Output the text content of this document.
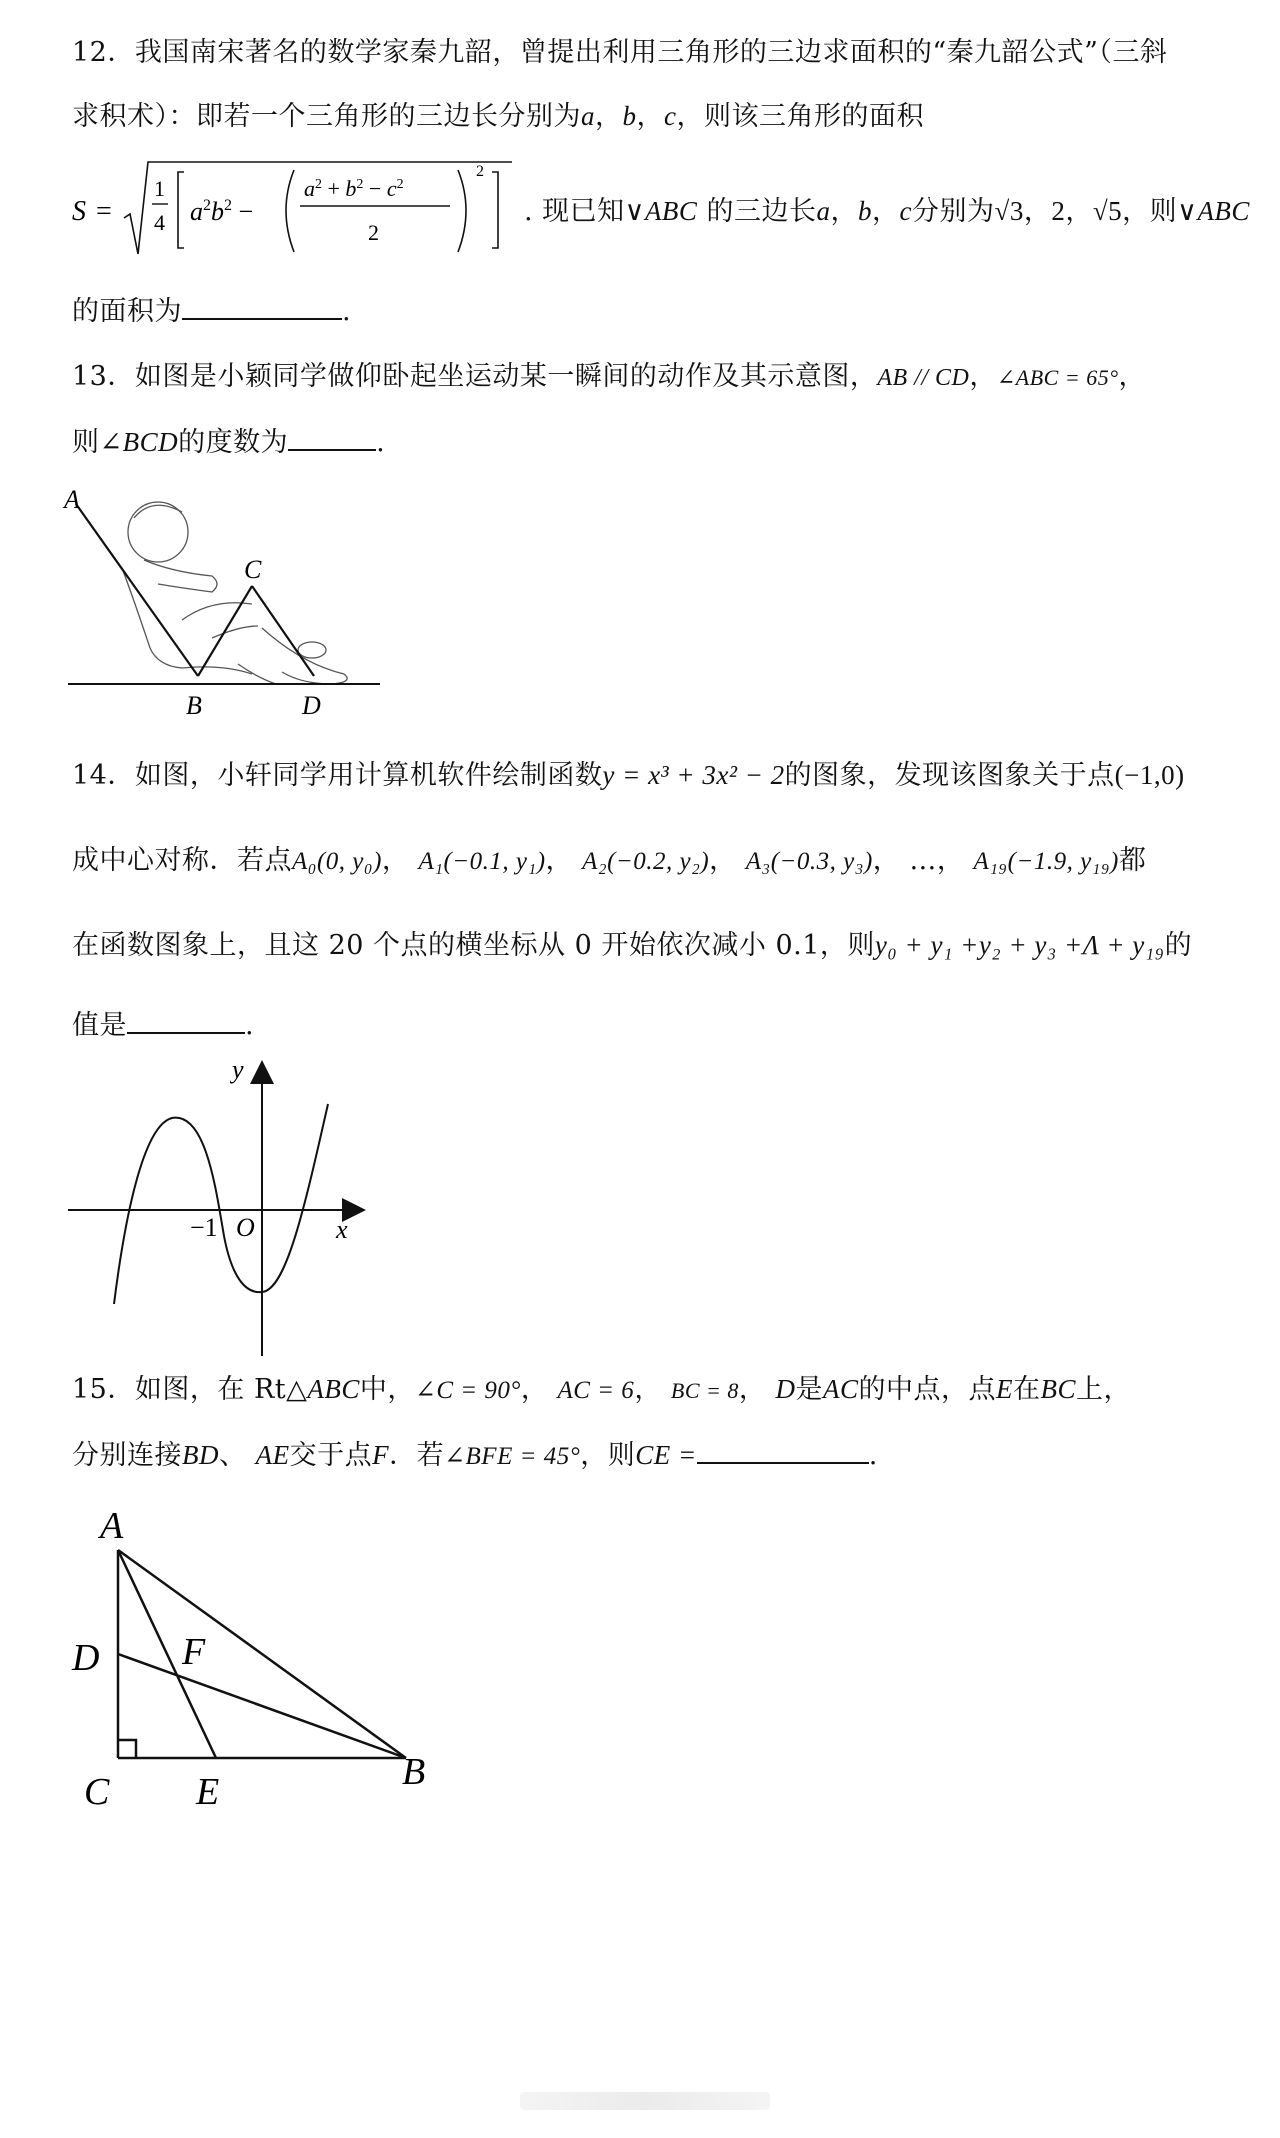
12．我国南宋著名的数学家秦九韶，曾提出利用三角形的三边求面积的“秦九韶公式”（三斜
求积术）：即若一个三角形的三边长分别为a，b，c，则该三角形的面积
S =
1
4 $a^2b^2$ −
$a^2 + b^2 - c^2$
2
2
. 现已知∨ABC 的三边长a，b，c分别为√3，2，√5，则∨ABC
的面积为	.
13．如图是小颖同学做仰卧起坐运动某一瞬间的动作及其示意图，AB // CD，∠ABC = 65°，
则∠BCD的度数为	.
A
B
C
D
14．如图，小轩同学用计算机软件绘制函数y = x³ + 3x² − 2的图象，发现该图象关于点(−1,0)
成中心对称．若点A₀(0, y₀)， A₁(−0.1, y₁)， A₂(−0.2, y₂)， A₃(−0.3, y₃)， …， A₁₉(−1.9, y₁₉)都
在函数图象上，且这 20 个点的横坐标从 0 开始依次减小 0.1，则y₀ + y₁ +y₂ + y₃ +Λ + y₁₉的
值是	.
y
x
O
−1
15．如图，在 Rt△ABC中，∠C = 90°， AC = 6， BC = 8， D是AC的中点，点E在BC上，
分别连接BD、 AE交于点F．若∠BFE = 45°，则CE =	.
A
D F
C E	B
